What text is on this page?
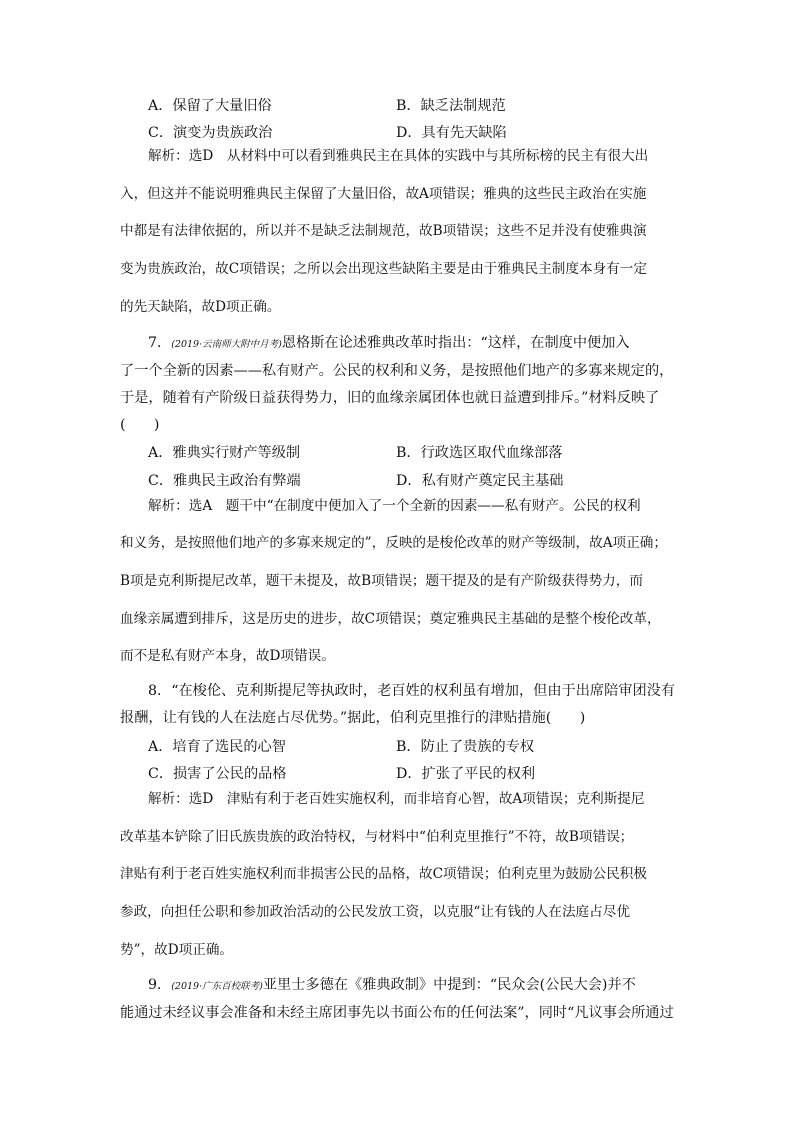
A．保留了大量旧俗	B．缺乏法制规范
C．演变为贵族政治	D．具有先天缺陷
解析：选D　从材料中可以看到雅典民主在具体的实践中与其所标榜的民主有很大出
入，但这并不能说明雅典民主保留了大量旧俗，故A项错误；雅典的这些民主政治在实施
中都是有法律依据的，所以并不是缺乏法制规范，故B项错误；这些不足并没有使雅典演
变为贵族政治，故C项错误；之所以会出现这些缺陷主要是由于雅典民主制度本身有一定
的先天缺陷，故D项正确。
7．(2019·云南师大附中月考)恩格斯在论述雅典改革时指出：“这样，在制度中便加入
了一个全新的因素——私有财产。公民的权利和义务，是按照他们地产的多寡来规定的，
于是，随着有产阶级日益获得势力，旧的血缘亲属团体也就日益遭到排斥。”材料反映了
(　　)
A．雅典实行财产等级制	B．行政选区取代血缘部落
C．雅典民主政治有弊端	D．私有财产奠定民主基础
解析：选A　题干中“在制度中便加入了一个全新的因素——私有财产。公民的权利
和义务，是按照他们地产的多寡来规定的”，反映的是梭伦改革的财产等级制，故A项正确；
B项是克利斯提尼改革，题干未提及，故B项错误；题干提及的是有产阶级获得势力，而
血缘亲属遭到排斥，这是历史的进步，故C项错误；奠定雅典民主基础的是整个梭伦改革，
而不是私有财产本身，故D项错误。
8．“在梭伦、克利斯提尼等执政时，老百姓的权利虽有增加，但由于出席陪审团没有
报酬，让有钱的人在法庭占尽优势。”据此，伯利克里推行的津贴措施(　　)
A．培育了选民的心智	B．防止了贵族的专权
C．损害了公民的品格	D．扩张了平民的权利
解析：选D　津贴有利于老百姓实施权利，而非培育心智，故A项错误；克利斯提尼
改革基本铲除了旧氏族贵族的政治特权，与材料中“伯利克里推行”不符，故B项错误；
津贴有利于老百姓实施权利而非损害公民的品格，故C项错误；伯利克里为鼓励公民积极
参政，向担任公职和参加政治活动的公民发放工资，以克服“让有钱的人在法庭占尽优
势”，故D项正确。
9．(2019·广东百校联考)亚里士多德在《雅典政制》中提到：“民众会(公民大会)并不
能通过未经议事会准备和未经主席团事先以书面公布的任何法案”，同时“凡议事会所通过
